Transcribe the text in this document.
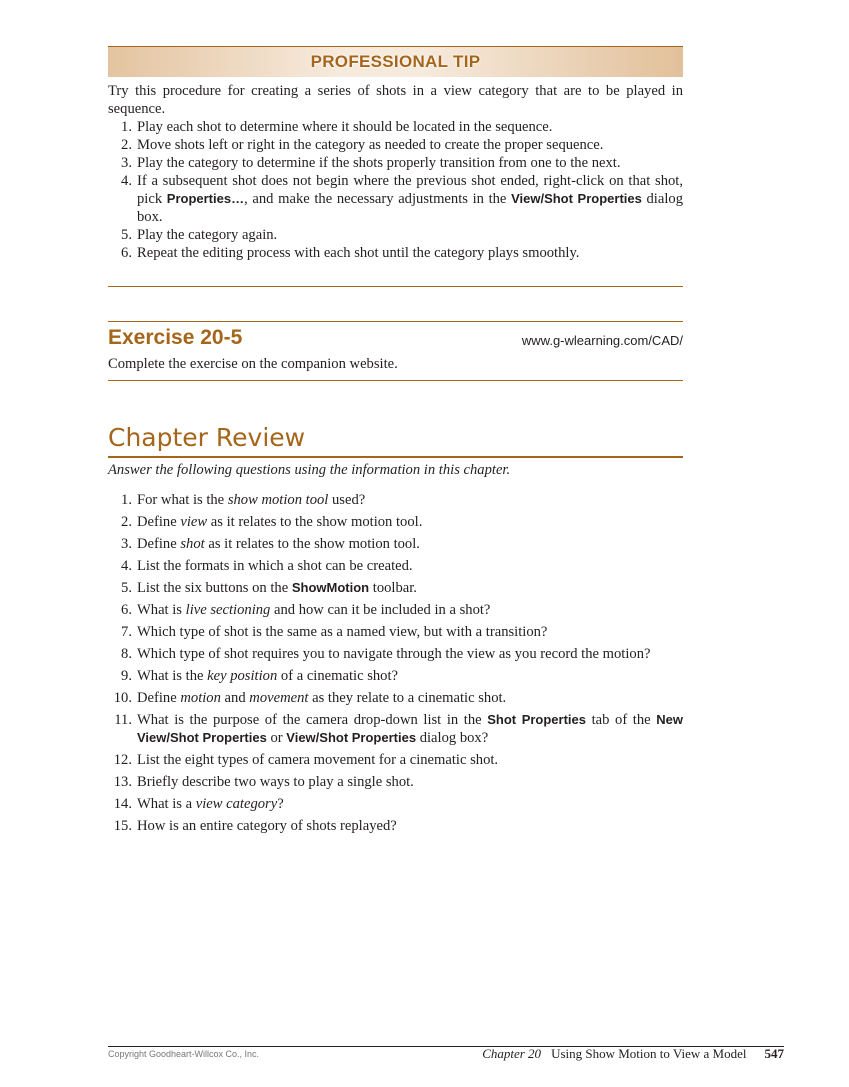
PROFESSIONAL TIP

Try this procedure for creating a series of shots in a view category that are to be played in sequence.

1. Play each shot to determine where it should be located in the sequence.
2. Move shots left or right in the category as needed to create the proper sequence.
3. Play the category to determine if the shots properly transition from one to the next.
4. If a subsequent shot does not begin where the previous shot ended, right-click on that shot, pick Properties…, and make the necessary adjustments in the View/Shot Properties dialog box.
5. Play the category again.
6. Repeat the editing process with each shot until the category plays smoothly.
Exercise 20-5	www.g-wlearning.com/CAD/
Complete the exercise on the companion website.
Chapter Review
Answer the following questions using the information in this chapter.
1. For what is the show motion tool used?
2. Define view as it relates to the show motion tool.
3. Define shot as it relates to the show motion tool.
4. List the formats in which a shot can be created.
5. List the six buttons on the ShowMotion toolbar.
6. What is live sectioning and how can it be included in a shot?
7. Which type of shot is the same as a named view, but with a transition?
8. Which type of shot requires you to navigate through the view as you record the motion?
9. What is the key position of a cinematic shot?
10. Define motion and movement as they relate to a cinematic shot.
11. What is the purpose of the camera drop-down list in the Shot Properties tab of the New View/Shot Properties or View/Shot Properties dialog box?
12. List the eight types of camera movement for a cinematic shot.
13. Briefly describe two ways to play a single shot.
14. What is a view category?
15. How is an entire category of shots replayed?
Copyright Goodheart-Willcox Co., Inc.	Chapter 20 Using Show Motion to View a Model 547
